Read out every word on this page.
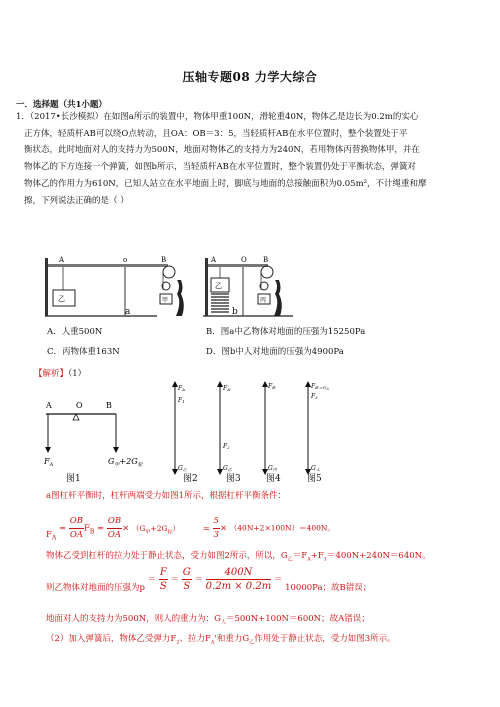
压轴专题08 力学大综合
一．选择题（共1小题）
1．（2017•长沙模拟）在如图a所示的装置中，物体甲重100N，滑轮重40N，物体乙是边长为0.2m的实心
正方体，轻质杆AB可以绕O点转动，且OA：OB＝3：5，当轻质杆AB在水平位置时，整个装置处于平
衡状态，此时地面对人的支持力为500N，地面对物体乙的支持力为240N，若用物体丙替换物体甲，并在
物体乙的下方连接一个弹簧，如图b所示，当轻质杆AB在水平位置时，整个装置仍处于平衡状态，弹簧对
物体乙的作用力为610N，已知人站立在水平地面上时，脚底与地面的总接触面积为0.05m²，不计绳重和摩
擦，下列说法正确的是（ ）
A	o	B
乙	甲
A	O B
乙
丙
a	b
A．人重500N	B．图a中乙物体对地面的压强为15250Pa
C．丙物体重163N	D．图b中人对地面的压强为4900Pa
【解析】（1）
A	O	B
$F_A$	$G_甲+2G_轮$
FA
F1
G乙
FA'
F2
G乙
FB'
G丙
FB'=G丙
F3
G人
图1	图2	图3	图4	图5
a图杠杆平衡时，杠杆两端受力如图1所示，根据杠杆平衡条件：
$F_A = \frac{OB}{OA} F_B = \frac{OB}{OA} \times (G_甲+2G_轮)$	= $\frac{5}{3} \times (40N+2\times 100N)=400N$。
物体乙受到杠杆的拉力处于静止状态，受力如图2所示，所以，$G_乙=F_A+F_1=400N+240N=640N$。
则乙物体对地面的压强为$p = \frac{F}{S} = \frac{G}{S} = \frac{400N}{0.2m \times 0.2m} = 10000Pa$；故B错误；
地面对人的支持力为500N，则人的重力为：$G_人=500N+100N=600N$；故A错误；
（2）加入弹簧后，物体乙受弹力$F_2$、拉力$F_A'$和重力$G_乙$作用处于静止状态，受力如图3所示。
